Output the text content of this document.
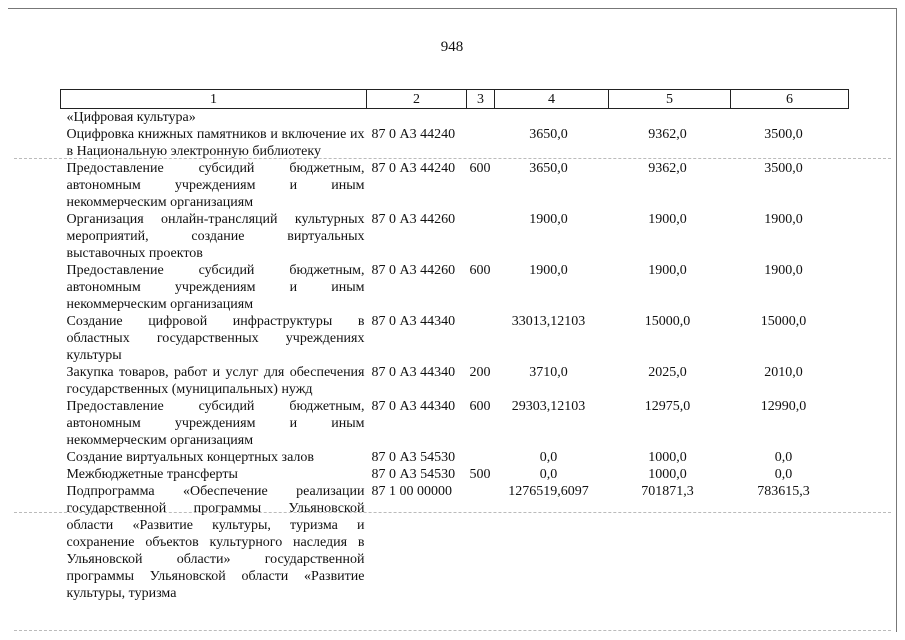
948
1	2	3	4	5	6
«Цифровая культура»					
Оцифровка книжных памятников и включение их в Национальную электронную библиотеку	87 0 А3 44240		3650,0	9362,0	3500,0
Предоставление субсидий бюджетным, автономным учреждениям и иным некоммерческим организациям	87 0 А3 44240	600	3650,0	9362,0	3500,0
Организация онлайн-трансляций культурных мероприятий, создание виртуальных выставочных проектов	87 0 А3 44260		1900,0	1900,0	1900,0
Предоставление субсидий бюджетным, автономным учреждениям и иным некоммерческим организациям	87 0 А3 44260	600	1900,0	1900,0	1900,0
Создание цифровой инфраструктуры в областных государственных учреждениях культуры	87 0 А3 44340		33013,12103	15000,0	15000,0
Закупка товаров, работ и услуг для обеспечения государственных (муниципальных) нужд	87 0 А3 44340	200	3710,0	2025,0	2010,0
Предоставление субсидий бюджетным, автономным учреждениям и иным некоммерческим организациям	87 0 А3 44340	600	29303,12103	12975,0	12990,0
Создание виртуальных концертных залов	87 0 А3 54530		0,0	1000,0	0,0
Межбюджетные трансферты	87 0 А3 54530	500	0,0	1000,0	0,0
Подпрограмма «Обеспечение реализации государственной программы Ульяновской области «Развитие культуры, туризма и сохранение объектов культурного наследия в Ульяновской области» государственной программы Ульяновской области «Развитие культуры, туризма	87 1 00 00000		1276519,6097	701871,3	783615,3
